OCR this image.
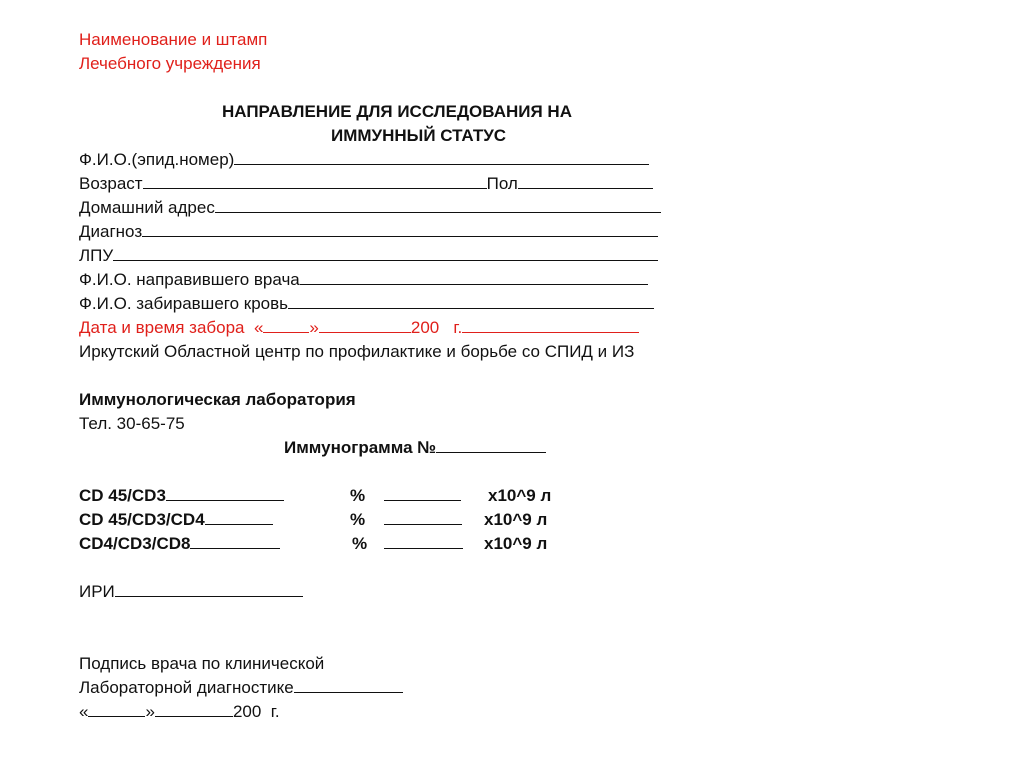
Наименование и штамп
Лечебного учреждения
НАПРАВЛЕНИЕ ДЛЯ ИССЛЕДОВАНИЯ НА
ИММУННЫЙ СТАТУС
Ф.И.О.(эпид.номер)
Возраст	Пол
Домашний адрес
Диагноз
ЛПУ
Ф.И.О. направившего врача
Ф.И.О. забиравшего кровь
Дата и время забора  «	»	200   г.
Иркутский Областной центр по профилактике и борьбе со СПИД и ИЗ
Иммунологическая лаборатория
Тел. 30-65-75
Иммунограмма №
CD 45/CD3	%	x10^9 л
CD 45/CD3/CD4	%	x10^9 л
CD4/CD3/CD8	%	x10^9 л
ИРИ
Подпись врача по клинической
Лабораторной диагностике
«	»	200  г.
